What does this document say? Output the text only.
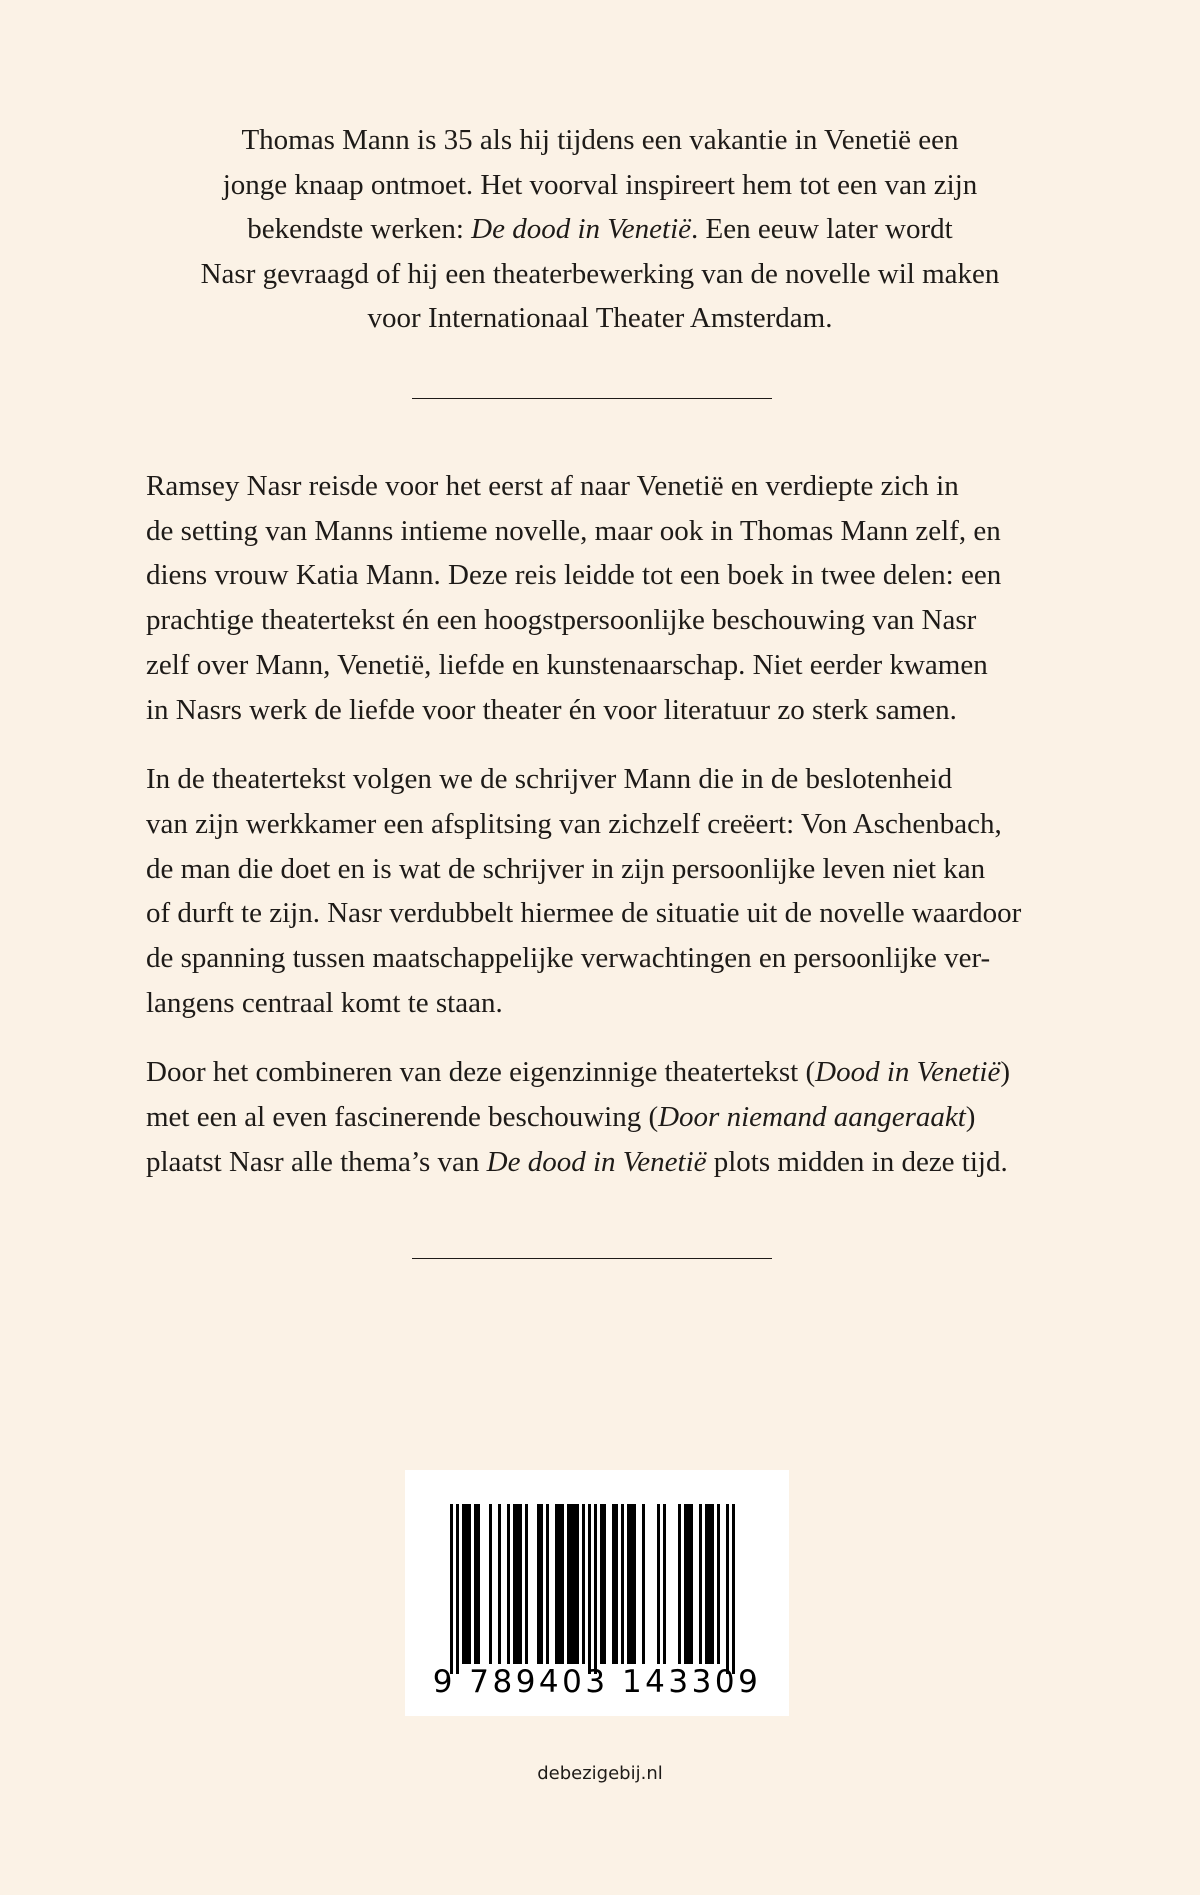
Thomas Mann is 35 als hij tijdens een vakantie in Venetië een
jonge knaap ontmoet. Het voorval inspireert hem tot een van zijn
bekendste werken: De dood in Venetië. Een eeuw later wordt
Nasr gevraagd of hij een theaterbewerking van de novelle wil maken
voor Internationaal Theater Amsterdam.

Ramsey Nasr reisde voor het eerst af naar Venetië en verdiepte zich in
de setting van Manns intieme novelle, maar ook in Thomas Mann zelf, en
diens vrouw Katia Mann. Deze reis leidde tot een boek in twee delen: een
prachtige theatertekst én een hoogstpersoonlijke beschouwing van Nasr
zelf over Mann, Venetië, liefde en kunstenaarschap. Niet eerder kwamen
in Nasrs werk de liefde voor theater én voor literatuur zo sterk samen.

In de theatertekst volgen we de schrijver Mann die in de beslotenheid
van zijn werkkamer een afsplitsing van zichzelf creëert: Von Aschenbach,
de man die doet en is wat de schrijver in zijn persoonlijke leven niet kan
of durft te zijn. Nasr verdubbelt hiermee de situatie uit de novelle waardoor
de spanning tussen maatschappelijke verwachtingen en persoonlijke ver-
langens centraal komt te staan.

Door het combineren van deze eigenzinnige theatertekst (Dood in Venetië)
met een al even fascinerende beschouwing (Door niemand aangeraakt)
plaatst Nasr alle thema’s van De dood in Venetië plots midden in deze tijd.

9 789403 143309
debezigebij.nl
